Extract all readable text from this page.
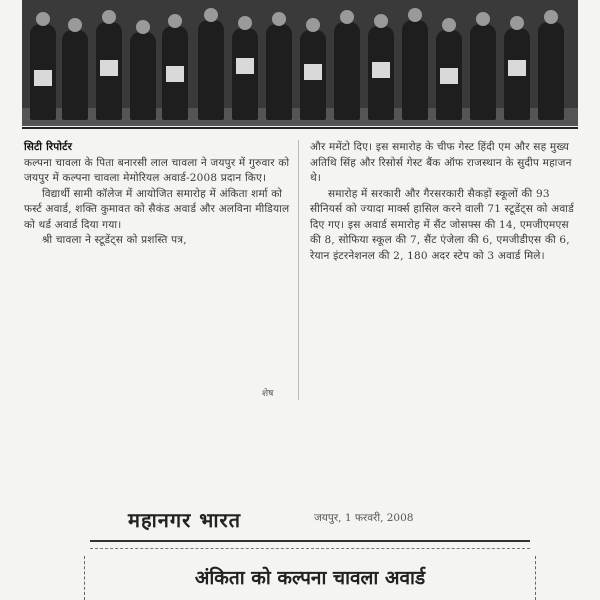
सिटी रिपोर्टर

कल्पना चावला के पिता बनारसी लाल चावला ने जयपुर में गुरुवार को जयपुर में कल्पना चावला मेमोरियल अवार्ड-2008 प्रदान किए।

विद्यार्थी सामी कॉलेज में आयोजित समारोह में अंकिता शर्मा को फर्स्ट अवार्ड, शक्ति कुमावत को सैकंड अवार्ड और अलविना मीडियाल को थर्ड अवार्ड दिया गया।

श्री चावला ने स्टूडेंट्स को प्रशस्ति पत्र,

शेष

और ममेंटो दिए। इस समारोह के चीफ गेस्ट हिंदी एम और सह मुख्य अतिथि सिंह और रिसोर्स गेस्ट बैंक ऑफ राजस्थान के सुदीप महाजन थे।

समारोह में सरकारी और गैरसरकारी सैकड़ों स्कूलों की 93 सीनियर्स को ज्यादा मार्क्स हासिल करने वाली 71 स्टूडेंट्स को अवार्ड दिए गए। इस अवार्ड समारोह में सैंट जोसफ्स की 14, एमजीएमएस की 8, सोफिया स्कूल की 7, सैंट एंजेला की 6, एमजीडीएस की 6, रेयान इंटरनेशनल की 2, 180 अदर स्टेप को 3 अवार्ड मिले।

महानगर भारत	जयपुर, 1 फरवरी, 2008
अंकिता को कल्पना चावला अवार्ड
